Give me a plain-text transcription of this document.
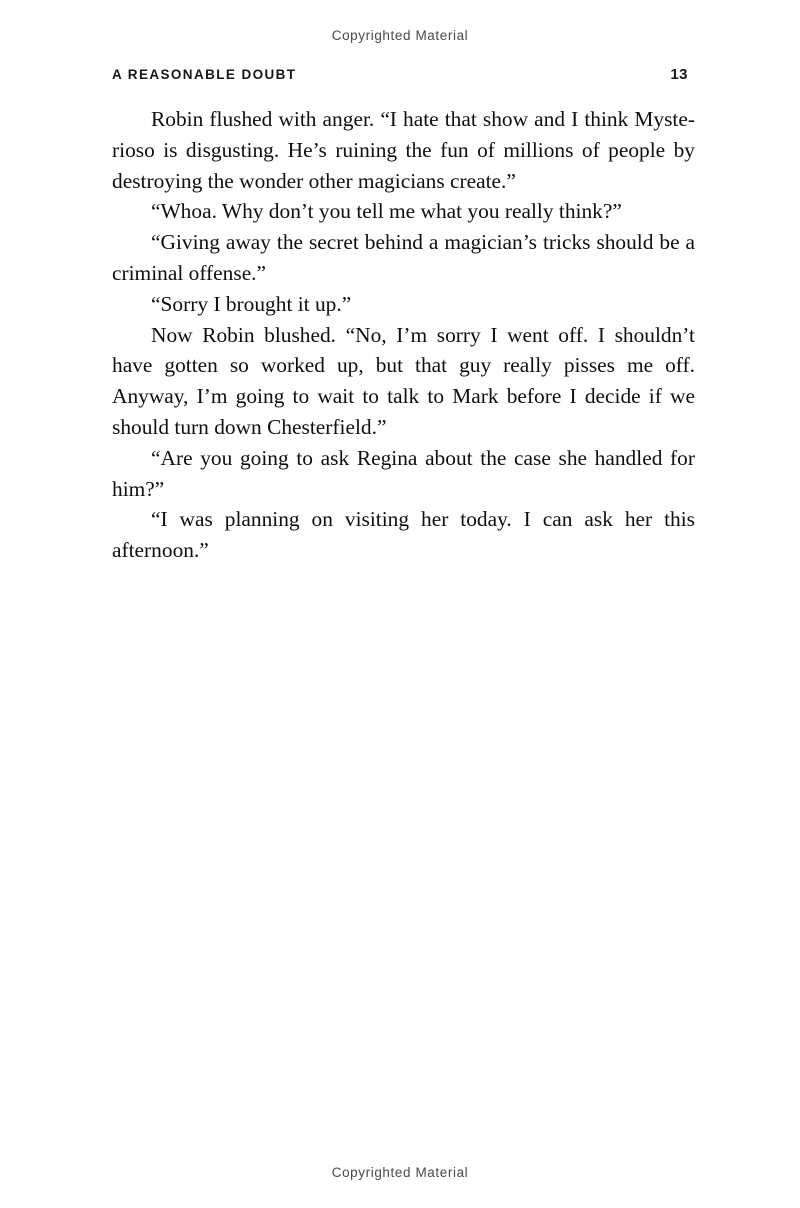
Copyrighted Material
A REASONABLE DOUBT	13

Robin flushed with anger. “I hate that show and I think Myste-rioso is disgusting. He’s ruining the fun of millions of people by destroying the wonder other magicians create.”

“Whoa. Why don’t you tell me what you really think?”

“Giving away the secret behind a magician’s tricks should be a criminal offense.”

“Sorry I brought it up.”

Now Robin blushed. “No, I’m sorry I went off. I shouldn’t have gotten so worked up, but that guy really pisses me off. Anyway, I’m going to wait to talk to Mark before I decide if we should turn down Chesterfield.”

“Are you going to ask Regina about the case she handled for him?”

“I was planning on visiting her today. I can ask her this afternoon.”

Copyrighted Material
